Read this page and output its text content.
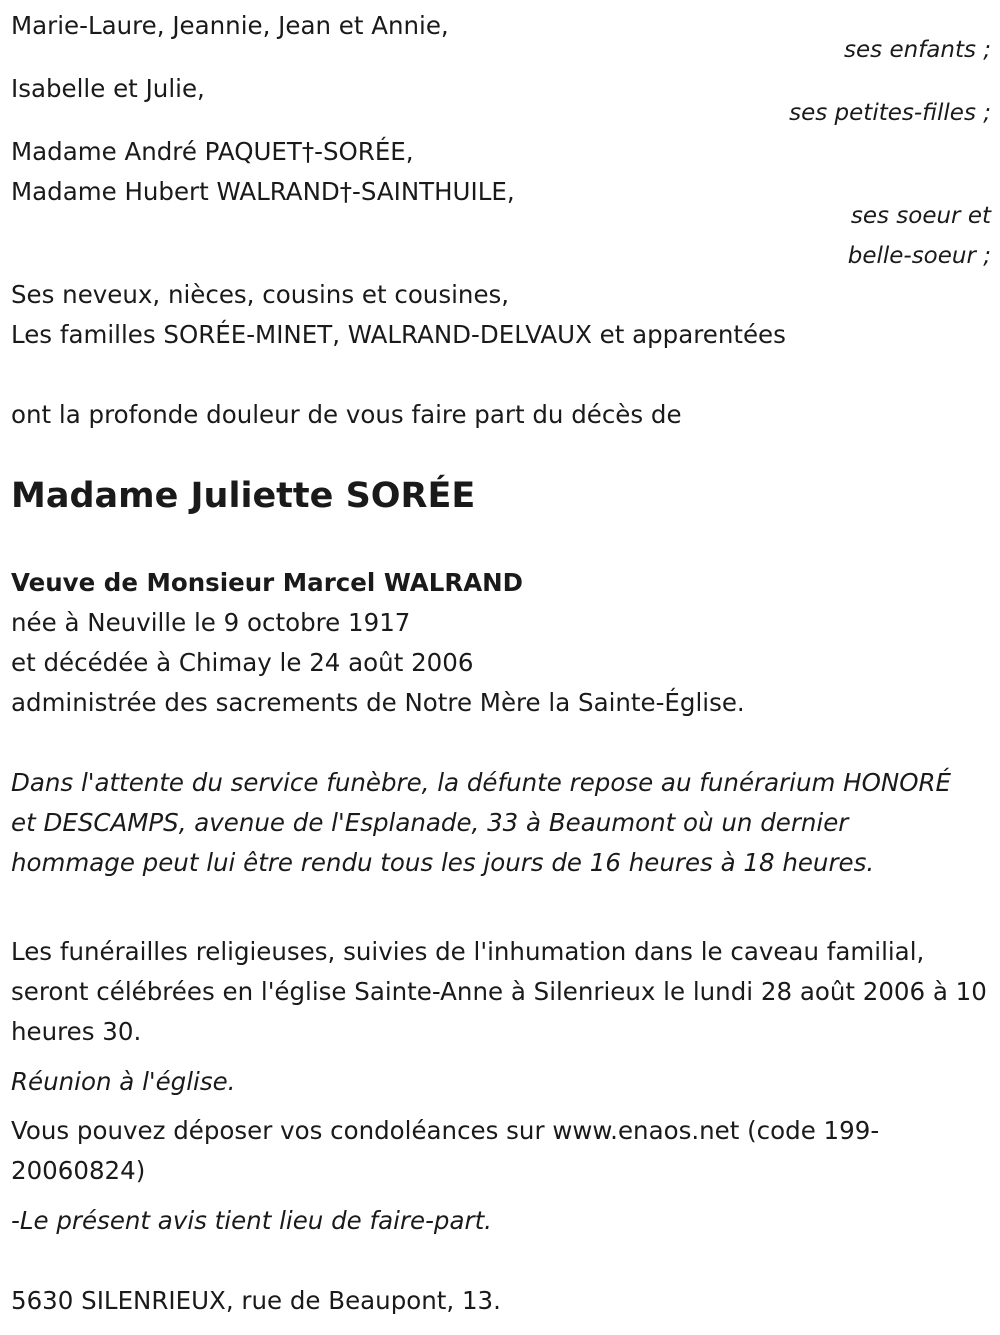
Marie-Laure, Jeannie, Jean et Annie,
ses enfants ;
Isabelle et Julie,
ses petites-filles ;
Madame André PAQUET†-SORÉE,
Madame Hubert WALRAND†-SAINTHUILE,
ses soeur et
belle-soeur ;
Ses neveux, nièces, cousins et cousines,
Les familles SORÉE-MINET, WALRAND-DELVAUX et apparentées
ont la profonde douleur de vous faire part du décès de
Madame Juliette SORÉE
Veuve de Monsieur Marcel WALRAND
née à Neuville le 9 octobre 1917
et décédée à Chimay le 24 août 2006
administrée des sacrements de Notre Mère la Sainte-Église.

Dans l'attente du service funèbre, la défunte repose au funérarium HONORÉ et DESCAMPS, avenue de l'Esplanade, 33 à Beaumont où un dernier hommage peut lui être rendu tous les jours de 16 heures à 18 heures.

Les funérailles religieuses, suivies de l'inhumation dans le caveau familial, seront célébrées en l'église Sainte-Anne à Silenrieux le lundi 28 août 2006 à 10 heures 30.

Réunion à l'église.

Vous pouvez déposer vos condoléances sur www.enaos.net (code 199-20060824)

-Le présent avis tient lieu de faire-part.
5630 SILENRIEUX, rue de Beaupont, 13.
